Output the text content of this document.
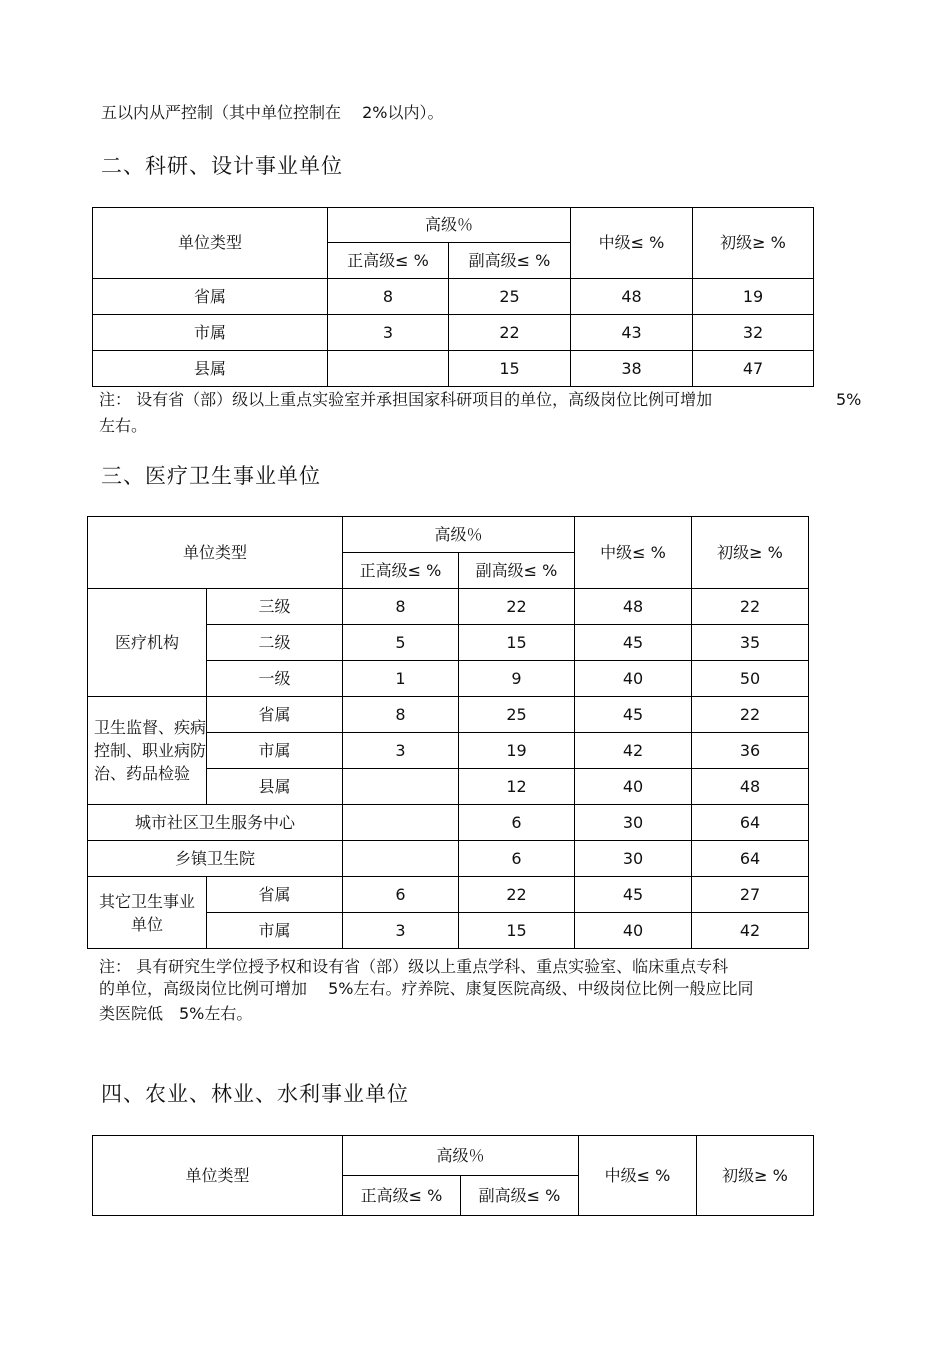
五以内从严控制（其中单位控制在　 2%以内）。
二、科研、设计事业单位
单位类型	高级％		中级≤ %	初级≥ %
	正高级≤ %	副高级≤ %		
省属	8	25	48	19
市属	3	22	43	32
县属		15	38	47
注： 设有省（部）级以上重点实验室并承担国家科研项目的单位，高级岗位比例可增加	5%
左右。
三、医疗卫生事业单位
单位类型		高级％		中级≤ %	初级≥ %
		正高级≤ %	副高级≤ %		
医疗机构	三级	8	22	48	22
	二级	5	15	45	35
	一级	1	9	40	50
卫生监督、疾病控制、职业病防治、药品检验	省属	8	25	45	22
	市属	3	19	42	36
	县属		12	40	48
城市社区卫生服务中心			6	30	64
乡镇卫生院			6	30	64
其它卫生事业单位	省属	6	22	45	27
	市属	3	15	40	42
注： 具有研究生学位授予权和设有省（部）级以上重点学科、重点实验室、临床重点专科
的单位，高级岗位比例可增加　 5%左右。疗养院、康复医院高级、中级岗位比例一般应比同
类医院低　5%左右。
四、农业、林业、水利事业单位
单位类型	高级％		中级≤ %	初级≥ %
	正高级≤ %	副高级≤ %		
